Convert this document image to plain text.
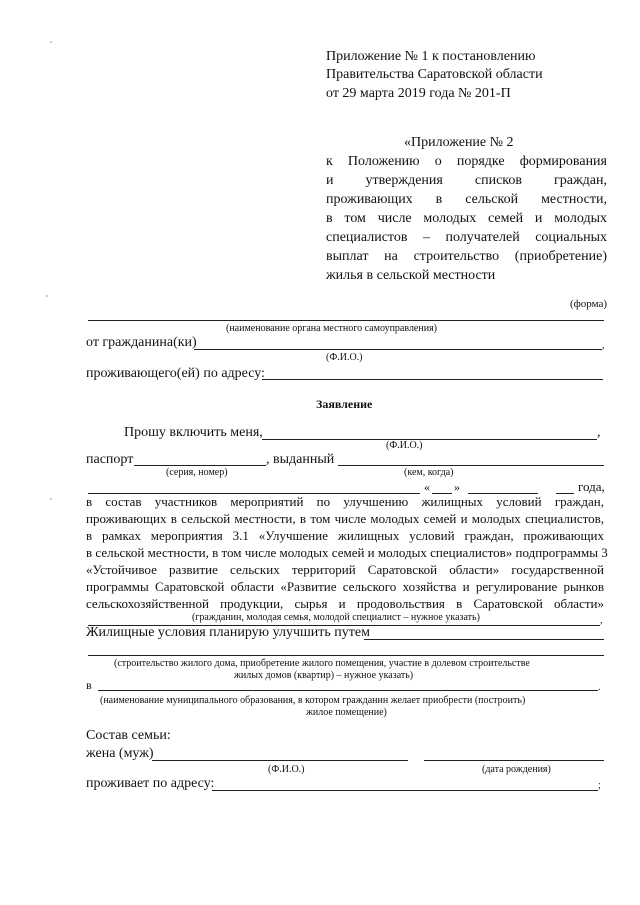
Приложение № 1 к постановлению
Правительства Саратовской области
от 29 марта 2019 года № 201-П
«Приложение № 2
к Положению о порядке формирования
и утверждения списков граждан,
проживающих в сельской местности,
в том числе молодых семей и молодых
специалистов – получателей социальных
выплат на строительство (приобретение)
жилья в сельской местности
(форма)
(наименование органа местного самоуправления)
от гражданина(ки)	,
(Ф.И.О.)
проживающего(ей) по адресу:
Заявление
Прошу включить меня,	,
(Ф.И.О.)
паспорт	, выданный
(серия, номер)	(кем, когда)
« »	года,
в состав участников мероприятий по улучшению жилищных условий граждан,
проживающих в сельской местности, в том числе молодых семей и молодых специалистов,
в рамках мероприятия 3.1 «Улучшение жилищных условий граждан, проживающих
в сельской местности, в том числе молодых семей и молодых специалистов» подпрограммы 3
«Устойчивое развитие сельских территорий Саратовской области» государственной
программы Саратовской области «Развитие сельского хозяйства и регулирование рынков
сельскохозяйственной продукции, сырья и продовольствия в Саратовской области»
,
(гражданин, молодая семья, молодой специалист – нужное указать)
Жилищные условия планирую улучшить путем
(строительство жилого дома, приобретение жилого помещения, участие в долевом строительстве
жилых домов (квартир) – нужное указать)
в	.
(наименование муниципального образования, в котором гражданин желает приобрести (построить)
жилое помещение)
Состав семьи:
жена (муж)
(Ф.И.О.)	(дата рождения)
проживает по адресу:	;
